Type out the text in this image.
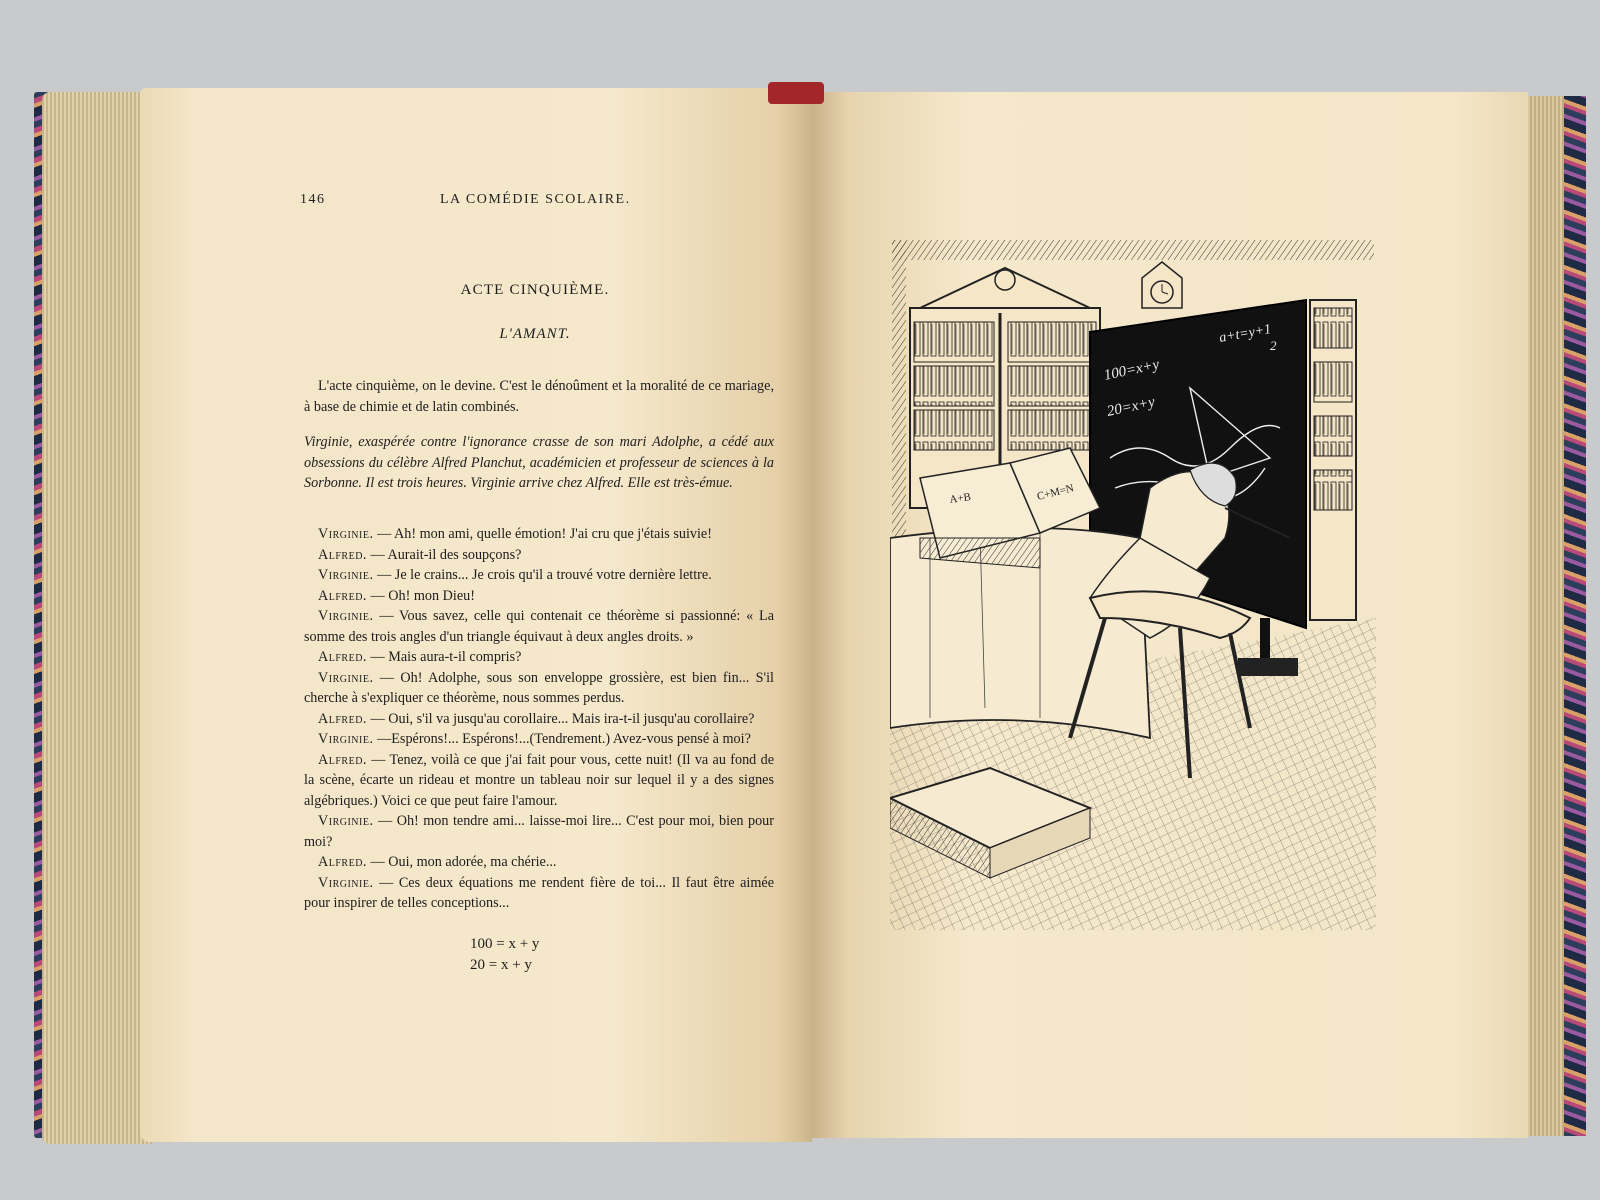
146	LA COMÉDIE SCOLAIRE.
ACTE CINQUIÈME.
L'AMANT.
L'acte cinquième, on le devine. C'est le dénoûment et la moralité de ce mariage, à base de chimie et de latin combinés.
Virginie, exaspérée contre l'ignorance crasse de son mari Adolphe, a cédé aux obsessions du célèbre Alfred Planchut, académicien et professeur de sciences à la Sorbonne. Il est trois heures. Virginie arrive chez Alfred. Elle est très-émue.

Virginie. — Ah! mon ami, quelle émotion! J'ai cru que j'étais suivie!

Alfred. — Aurait-il des soupçons?

Virginie. — Je le crains... Je crois qu'il a trouvé votre dernière lettre.

Alfred. — Oh! mon Dieu!

Virginie. — Vous savez, celle qui contenait ce théorème si passionné: « La somme des trois angles d'un triangle équivaut à deux angles droits. »

Alfred. — Mais aura-t-il compris?

Virginie. — Oh! Adolphe, sous son enveloppe grossière, est bien fin... S'il cherche à s'expliquer ce théorème, nous sommes perdus.

Alfred. — Oui, s'il va jusqu'au corollaire... Mais ira-t-il jusqu'au corollaire?

Virginie. —Espérons!... Espérons!...(Tendrement.) Avez-vous pensé à moi?

Alfred. — Tenez, voilà ce que j'ai fait pour vous, cette nuit! (Il va au fond de la scène, écarte un rideau et montre un tableau noir sur lequel il y a des signes algébriques.) Voici ce que peut faire l'amour.

Virginie. — Oh! mon tendre ami... laisse-moi lire... C'est pour moi, bien pour moi?

Alfred. — Oui, mon adorée, ma chérie...

Virginie. — Ces deux équations me rendent fière de toi... Il faut être aimée pour inspirer de telles conceptions...

100 = x + y
20 = x + y
100=x+y
20=x+y
a+t=y+1
2
A+B	C+M=N
